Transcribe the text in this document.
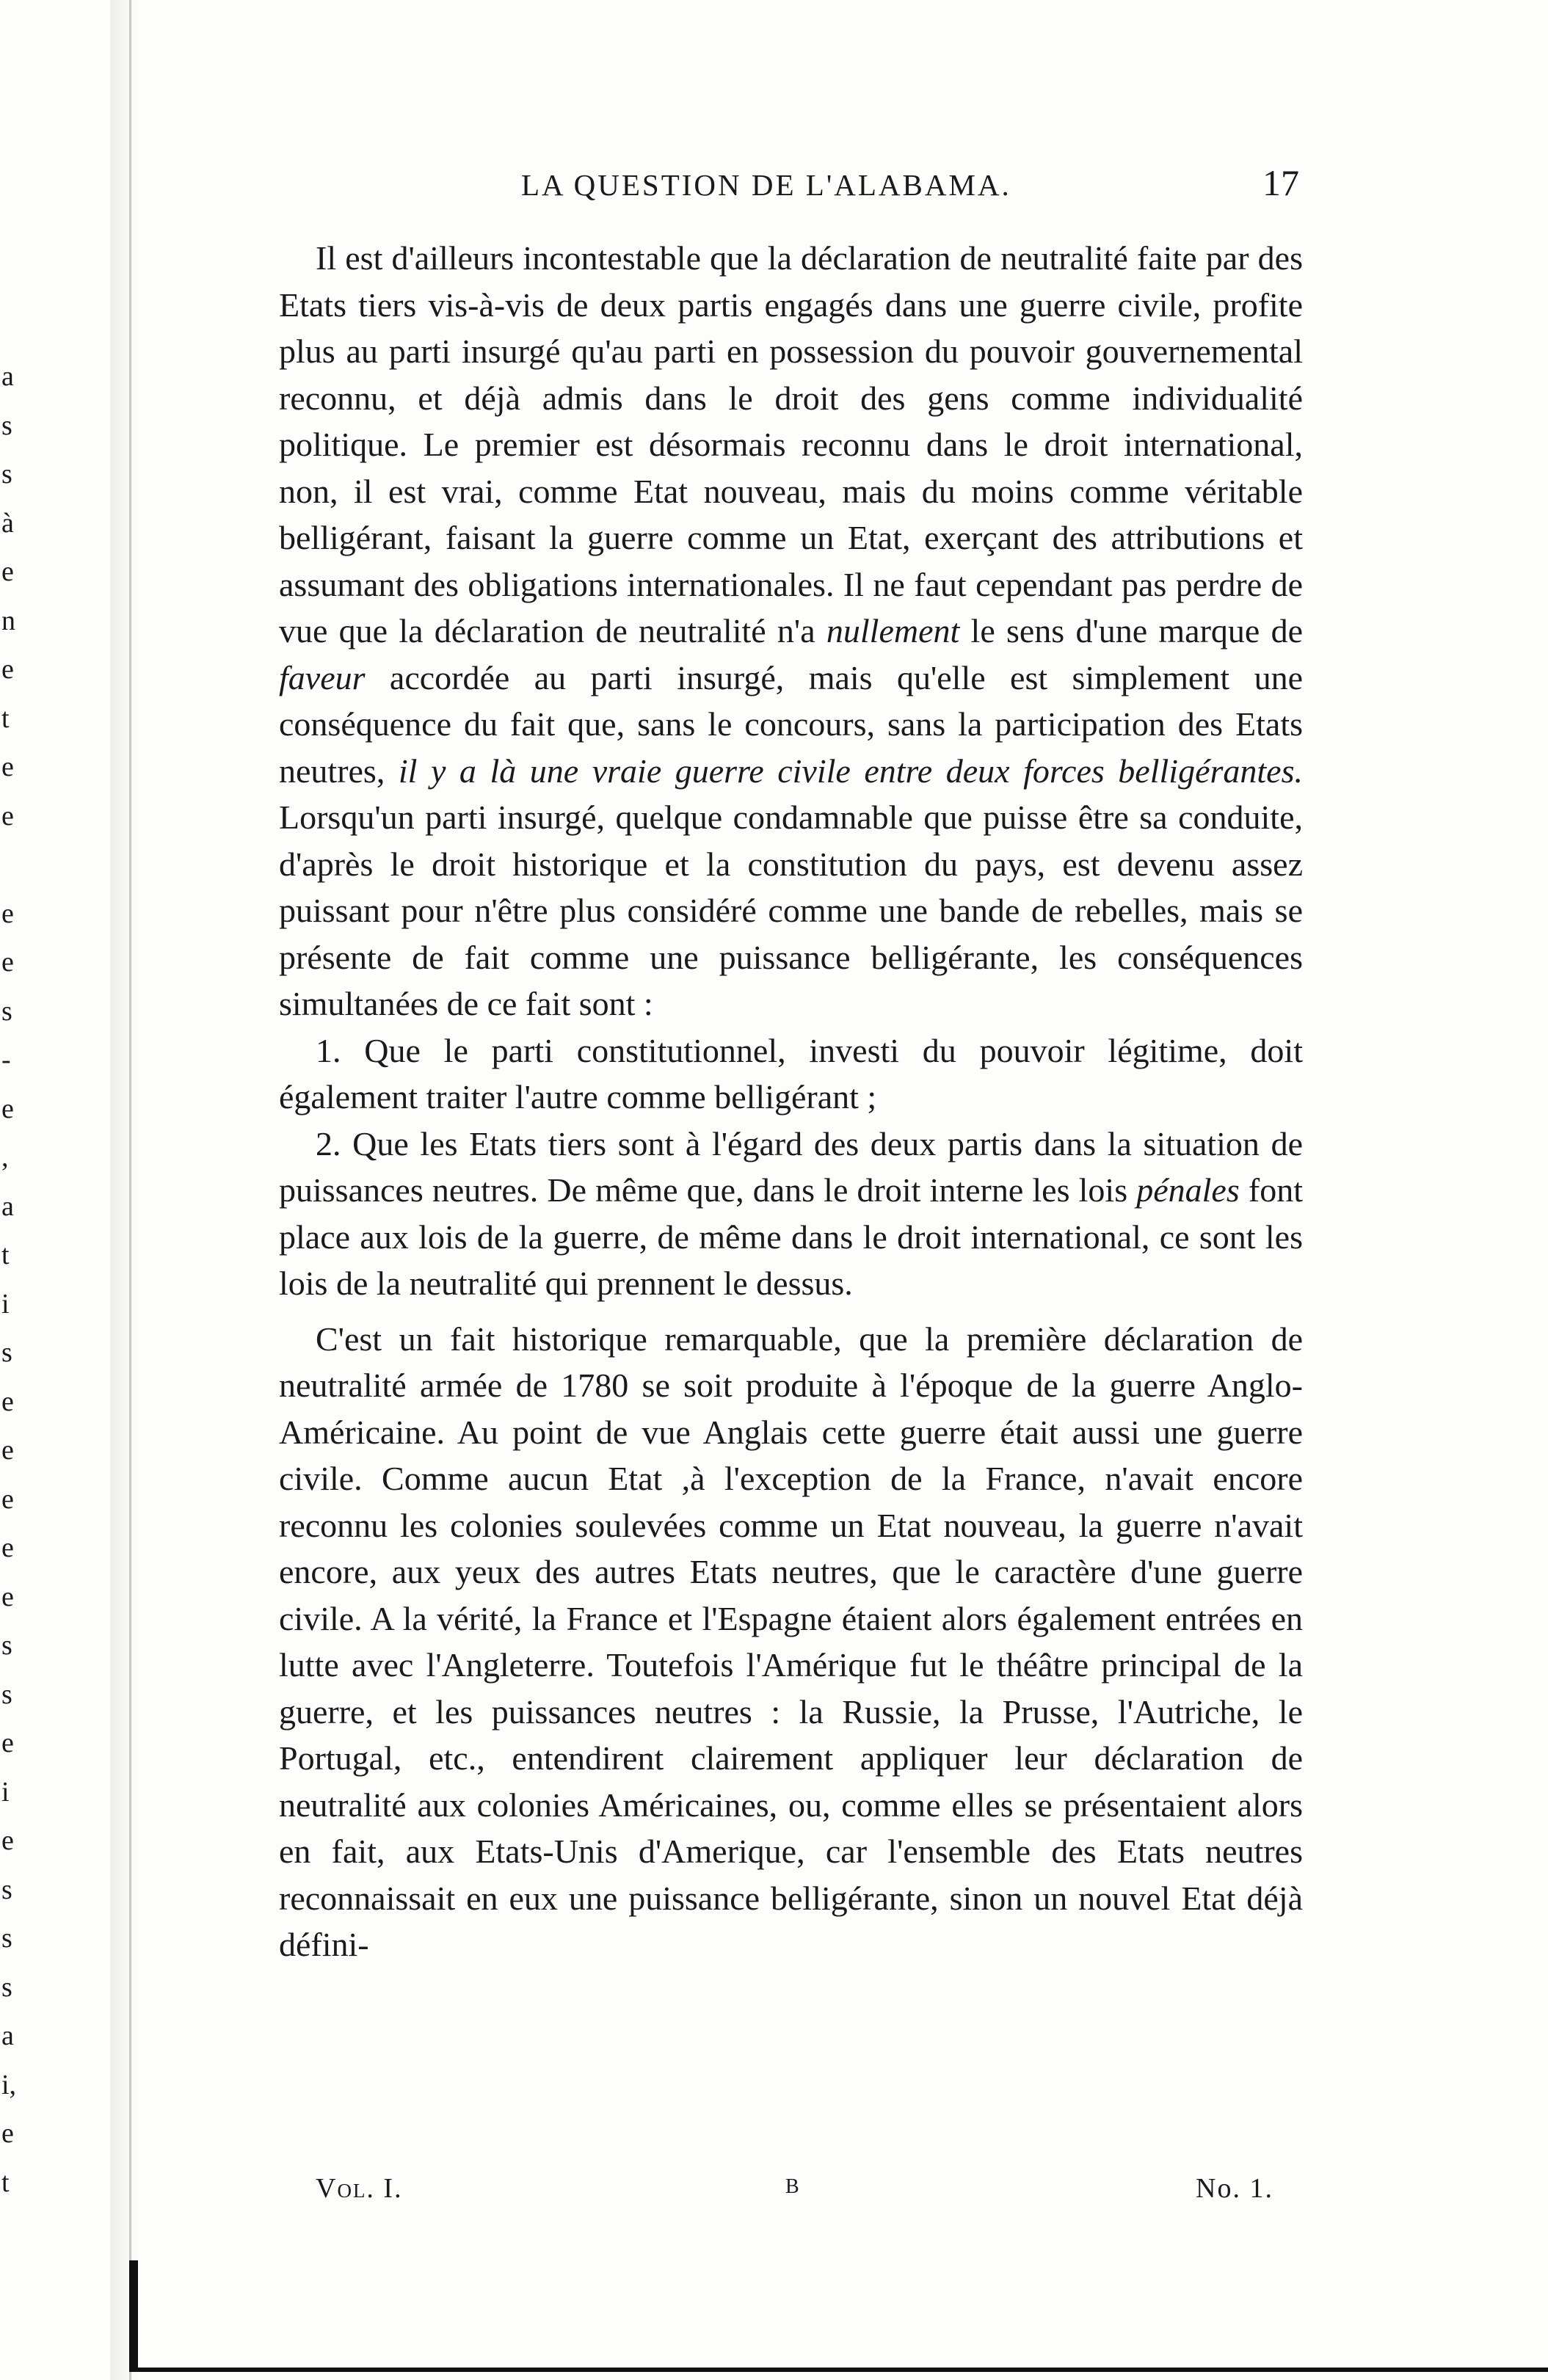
a
s
s
à
e
n
e
t
e
e
e
e
s
-
e
,
a
t
i
s
e
e
e
e
e
s
s
e
i
e
s
s
s
a
i,
e
t
LA QUESTION DE L'ALABAMA.	17

Il est d'ailleurs incontestable que la déclaration de neutralité faite par des Etats tiers vis-à-vis de deux partis engagés dans une guerre civile, profite plus au parti insurgé qu'au parti en possession du pouvoir gouvernemental reconnu, et déjà admis dans le droit des gens comme individualité politique. Le premier est désormais reconnu dans le droit international, non, il est vrai, comme Etat nouveau, mais du moins comme véritable belligérant, faisant la guerre comme un Etat, exerçant des attributions et assumant des obligations internationales. Il ne faut cependant pas perdre de vue que la déclaration de neutralité n'a nullement le sens d'une marque de faveur accordée au parti insurgé, mais qu'elle est simplement une conséquence du fait que, sans le concours, sans la participation des Etats neutres, il y a là une vraie guerre civile entre deux forces belligérantes. Lorsqu'un parti insurgé, quelque condamnable que puisse être sa conduite, d'après le droit historique et la constitution du pays, est devenu assez puissant pour n'être plus considéré comme une bande de rebelles, mais se présente de fait comme une puissance belligérante, les conséquences simultanées de ce fait sont :

1. Que le parti constitutionnel, investi du pouvoir légitime, doit également traiter l'autre comme belligérant ;

2. Que les Etats tiers sont à l'égard des deux partis dans la situation de puissances neutres. De même que, dans le droit interne les lois pénales font place aux lois de la guerre, de même dans le droit international, ce sont les lois de la neutralité qui prennent le dessus.

C'est un fait historique remarquable, que la première déclaration de neutralité armée de 1780 se soit produite à l'époque de la guerre Anglo-Américaine. Au point de vue Anglais cette guerre était aussi une guerre civile. Comme aucun Etat ,à l'exception de la France, n'avait encore reconnu les colonies soulevées comme un Etat nouveau, la guerre n'avait encore, aux yeux des autres Etats neutres, que le caractère d'une guerre civile. A la vérité, la France et l'Espagne étaient alors également entrées en lutte avec l'Angleterre. Toutefois l'Amérique fut le théâtre principal de la guerre, et les puissances neutres : la Russie, la Prusse, l'Autriche, le Portugal, etc., entendirent clairement appliquer leur déclaration de neutralité aux colonies Américaines, ou, comme elles se présentaient alors en fait, aux Etats-Unis d'Amerique, car l'ensemble des Etats neutres reconnaissait en eux une puissance belligérante, sinon un nouvel Etat déjà défini-

Vol. I.	B	No. 1.
